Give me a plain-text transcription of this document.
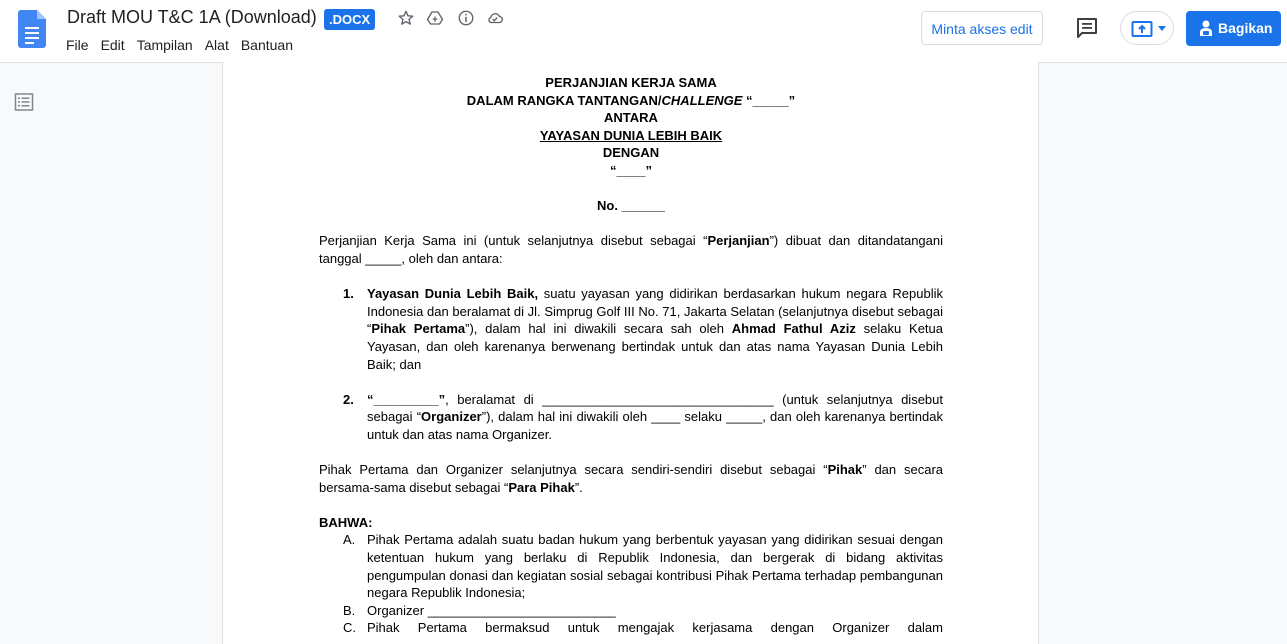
Draft MOU T&C 1A (Download) .DOCX
File Edit Tampilan Alat Bantuan
Minta akses edit	Bagikan
PERJANJIAN KERJA SAMA
DALAM RANGKA TANTANGAN/CHALLENGE “_____”
ANTARA
YAYASAN DUNIA LEBIH BAIK
DENGAN
“____”
No. ______
Perjanjian Kerja Sama ini (untuk selanjutnya disebut sebagai “Perjanjian”) dibuat dan ditandatangani tanggal _____, oleh dan antara:
1. Yayasan Dunia Lebih Baik, suatu yayasan yang didirikan berdasarkan hukum negara Republik Indonesia dan beralamat di Jl. Simprug Golf III No. 71, Jakarta Selatan (selanjutnya disebut sebagai “Pihak Pertama”), dalam hal ini diwakili secara sah oleh Ahmad Fathul Aziz selaku Ketua Yayasan, dan oleh karenanya berwenang bertindak untuk dan atas nama Yayasan Dunia Lebih Baik; dan
2. “_________”, beralamat di ________________________________ (untuk selanjutnya disebut sebagai “Organizer”), dalam hal ini diwakili oleh ____ selaku _____, dan oleh karenanya bertindak untuk dan atas nama Organizer.
Pihak Pertama dan Organizer selanjutnya secara sendiri-sendiri disebut sebagai “Pihak” dan secara bersama-sama disebut sebagai “Para Pihak”.
BAHWA:
A. Pihak Pertama adalah suatu badan hukum yang berbentuk yayasan yang didirikan sesuai dengan ketentuan hukum yang berlaku di Republik Indonesia, dan bergerak di bidang aktivitas pengumpulan donasi dan kegiatan sosial sebagai kontribusi Pihak Pertama terhadap pembangunan negara Republik Indonesia;
B. Organizer __________________________
C. Pihak Pertama bermaksud untuk mengajak kerjasama dengan Organizer dalam
